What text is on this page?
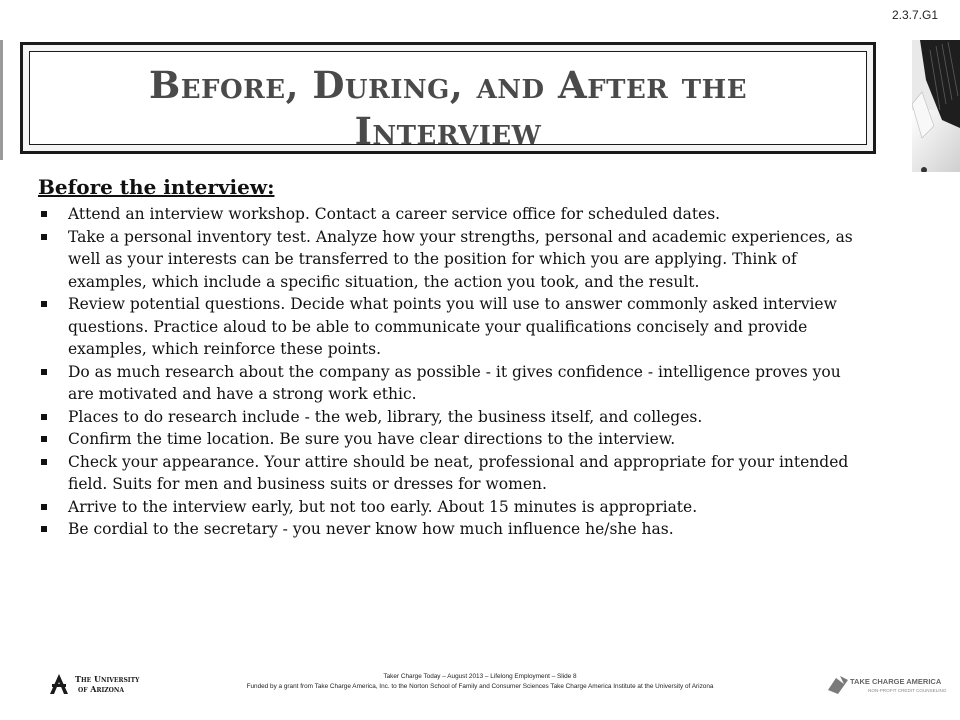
2.3.7.G1
Before, During, and After the
Interview
Before the interview:
Attend an interview workshop. Contact a career service office for scheduled dates.
Take a personal inventory test. Analyze how your strengths, personal and academic experiences, as well as your interests can be transferred to the position for which you are applying. Think of examples, which include a specific situation, the action you took, and the result.
Review potential questions. Decide what points you will use to answer commonly asked interview questions. Practice aloud to be able to communicate your qualifications concisely and provide examples, which reinforce these points.
Do as much research about the company as possible - it gives confidence - intelligence proves you are motivated and have a strong work ethic.
Places to do research include - the web, library, the business itself, and colleges.
Confirm the time location. Be sure you have clear directions to the interview.
Check your appearance. Your attire should be neat, professional and appropriate for your intended field. Suits for men and business suits or dresses for women.
Arrive to the interview early, but not too early. About 15 minutes is appropriate.
Be cordial to the secretary - you never know how much influence he/she has.
The University
of Arizona
Taker Charge Today – August 2013 – Lifelong Employment – Slide 8
Funded by a grant from Take Charge America, Inc. to the Norton School of Family and Consumer Sciences Take Charge America Institute at the University of Arizona
TAKE CHARGE AMERICA
NON-PROFIT CREDIT COUNSELING
